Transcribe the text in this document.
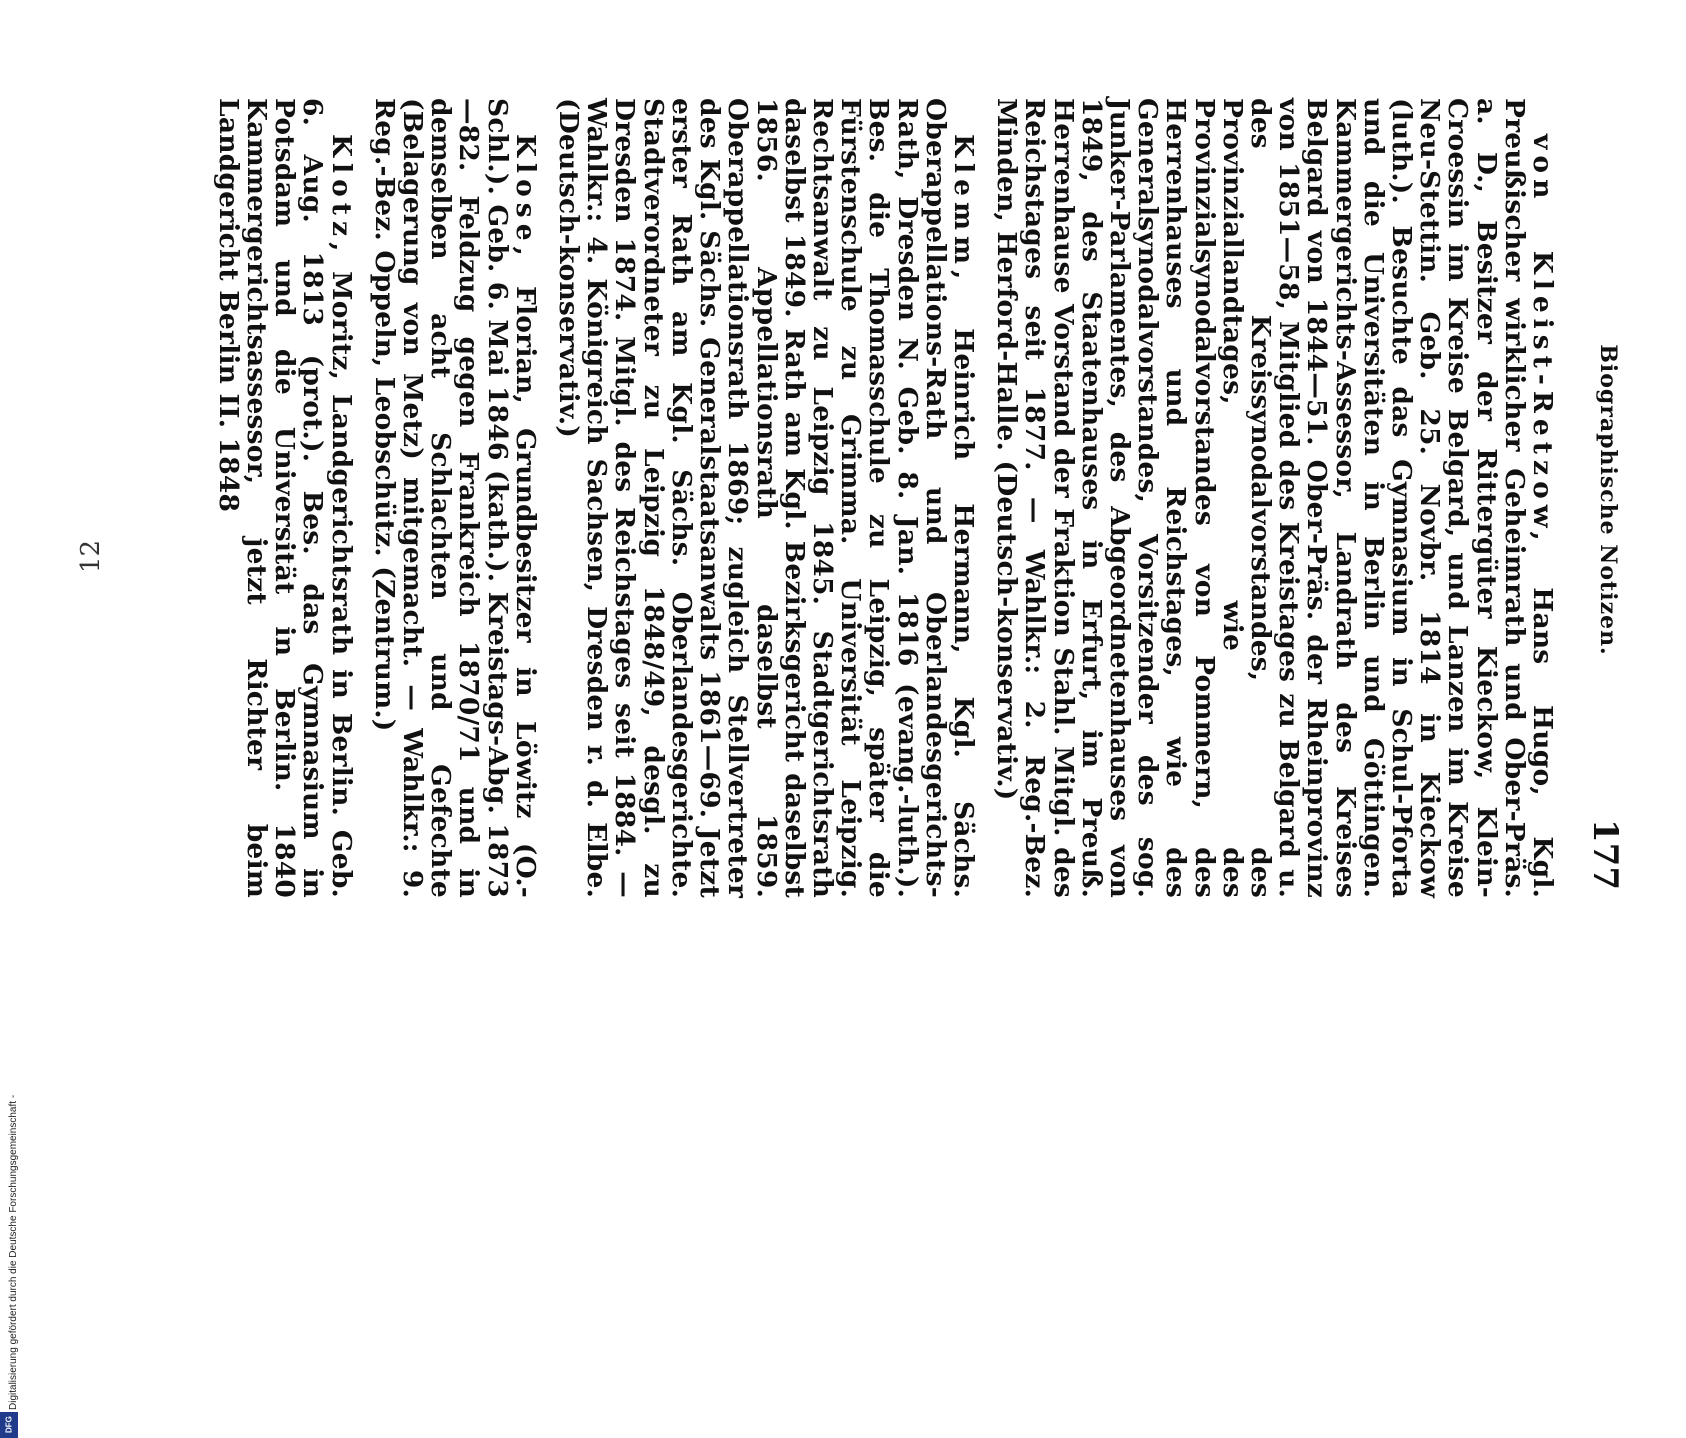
Biographische Notizen.
177

von Kleist-Retzow, Hans Hugo, Kgl. Preußischer wirklicher Geheimrath und Ober-Präs. a. D., Besitzer der Rittergüter Kieckow, Klein-Croessin im Kreise Belgard, und Lanzen im Kreise Neu-Stettin. Geb. 25. Novbr. 1814 in Kieckow (luth.). Besuchte das Gymnasium in Schul-Pforta und die Universitäten in Berlin und Göttingen. Kammergerichts-Assessor, Landrath des Kreises Belgard von 1844—51. Ober-Präs. der Rheinprovinz von 1851—58, Mitglied des Kreistages zu Belgard u. des Kreissynodalvorstandes, des Provinziallandtages, wie des Provinzialsynodalvorstandes von Pommern, des Herrenhauses und Reichstages, wie des Generalsynodalvorstandes, Vorsitzender des sog. Junker-Parlamentes, des Abgeordnetenhauses von 1849, des Staatenhauses in Erfurt, im Preuß. Herrenhause Vorstand der Fraktion Stahl. Mitgl. des Reichstages seit 1877. — Wahlkr.: 2. Reg.-Bez. Minden, Herford-Halle. (Deutsch-konservativ.)

Klemm, Heinrich Hermann, Kgl. Sächs. Oberappellations-Rath und Oberlandesgerichts-Rath, Dresden N. Geb. 8. Jan. 1816 (evang.-luth.). Bes. die Thomasschule zu Leipzig, später die Fürstenschule zu Grimma. Universität Leipzig. Rechtsanwalt zu Leipzig 1845. Stadtgerichtsrath daselbst 1849. Rath am Kgl. Bezirksgericht daselbst 1856. Appellationsrath daselbst 1859. Oberappellationsrath 1869; zugleich Stellvertreter des Kgl. Sächs. Generalstaatsanwalts 1861—69. Jetzt erster Rath am Kgl. Sächs. Oberlandesgerichte. Stadtverordneter zu Leipzig 1848/49, desgl. zu Dresden 1874. Mitgl. des Reichstages seit 1884. — Wahlkr.: 4. Königreich Sachsen, Dresden r. d. Elbe. (Deutsch-konservativ.)

Klose, Florian, Grundbesitzer in Löwitz (O.-Schl.). Geb. 6. Mai 1846 (kath.). Kreistags-Abg. 1873—82. Feldzug gegen Frankreich 1870/71 und in demselben acht Schlachten und Gefechte (Belagerung von Metz) mitgemacht. — Wahlkr.: 9. Reg.-Bez. Oppeln, Leobschütz. (Zentrum.)

Klotz, Moritz, Landgerichtsrath in Berlin. Geb. 6. Aug. 1813 (prot.). Bes. das Gymnasium in Potsdam und die Universität in Berlin. 1840 Kammergerichtsassessor, jetzt Richter beim Landgericht Berlin II. 1848

12
Digitalisierung gefördert durch die Deutsche Forschungsgemeinschaft -
DFG
